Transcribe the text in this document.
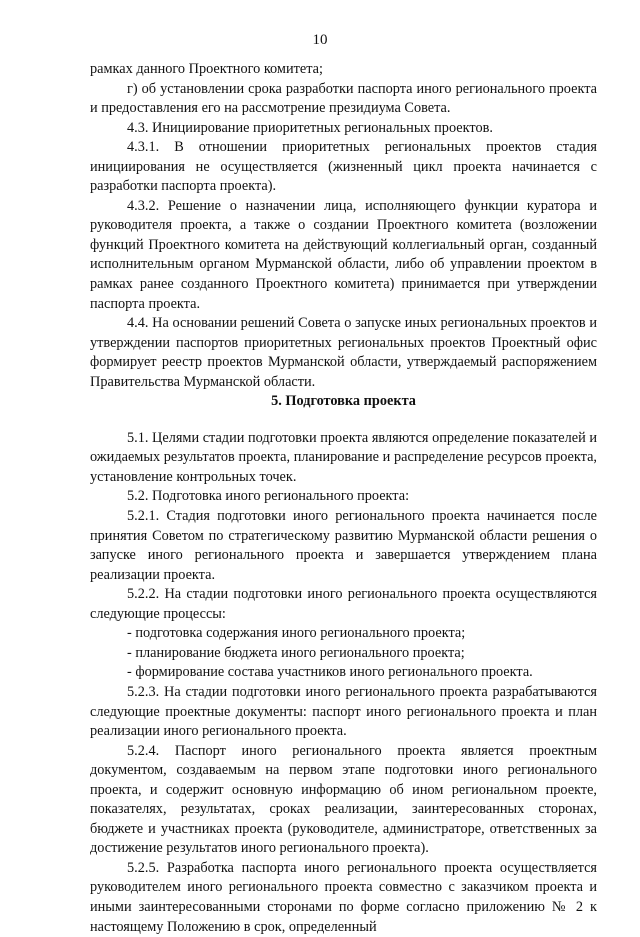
10

рамках данного Проектного комитета;

г) об установлении срока разработки паспорта иного регионального проекта и предоставления его на рассмотрение президиума Совета.

4.3. Инициирование приоритетных региональных проектов.

4.3.1. В отношении приоритетных региональных проектов стадия инициирования не осуществляется (жизненный цикл проекта начинается с разработки паспорта проекта).

4.3.2. Решение о назначении лица, исполняющего функции куратора и руководителя проекта, а также о создании Проектного комитета (возложении функций Проектного комитета на действующий коллегиальный орган, созданный исполнительным органом Мурманской области, либо об управлении проектом в рамках ранее созданного Проектного комитета) принимается при утверждении паспорта проекта.

4.4. На основании решений Совета о запуске иных региональных проектов и утверждении паспортов приоритетных региональных проектов Проектный офис формирует реестр проектов Мурманской области, утверждаемый распоряжением Правительства Мурманской области.

5. Подготовка проекта

5.1. Целями стадии подготовки проекта являются определение показателей и ожидаемых результатов проекта, планирование и распределение ресурсов проекта, установление контрольных точек.

5.2. Подготовка иного регионального проекта:

5.2.1. Стадия подготовки иного регионального проекта начинается после принятия Советом по стратегическому развитию Мурманской области решения о запуске иного регионального проекта и завершается утверждением плана реализации проекта.

5.2.2. На стадии подготовки иного регионального проекта осуществляются следующие процессы:

- подготовка содержания иного регионального проекта;

- планирование бюджета иного регионального проекта;

- формирование состава участников иного регионального проекта.

5.2.3. На стадии подготовки иного регионального проекта разрабатываются следующие проектные документы: паспорт иного регионального проекта и план реализации иного регионального проекта.

5.2.4. Паспорт иного регионального проекта является проектным документом, создаваемым на первом этапе подготовки иного регионального проекта, и содержит основную информацию об ином региональном проекте, показателях, результатах, сроках реализации, заинтересованных сторонах, бюджете и участниках проекта (руководителе, администраторе, ответственных за достижение результатов иного регионального проекта).

5.2.5. Разработка паспорта иного регионального проекта осуществляется руководителем иного регионального проекта совместно с заказчиком проекта и иными заинтересованными сторонами по форме согласно приложению № 2 к настоящему Положению в срок, определенный
